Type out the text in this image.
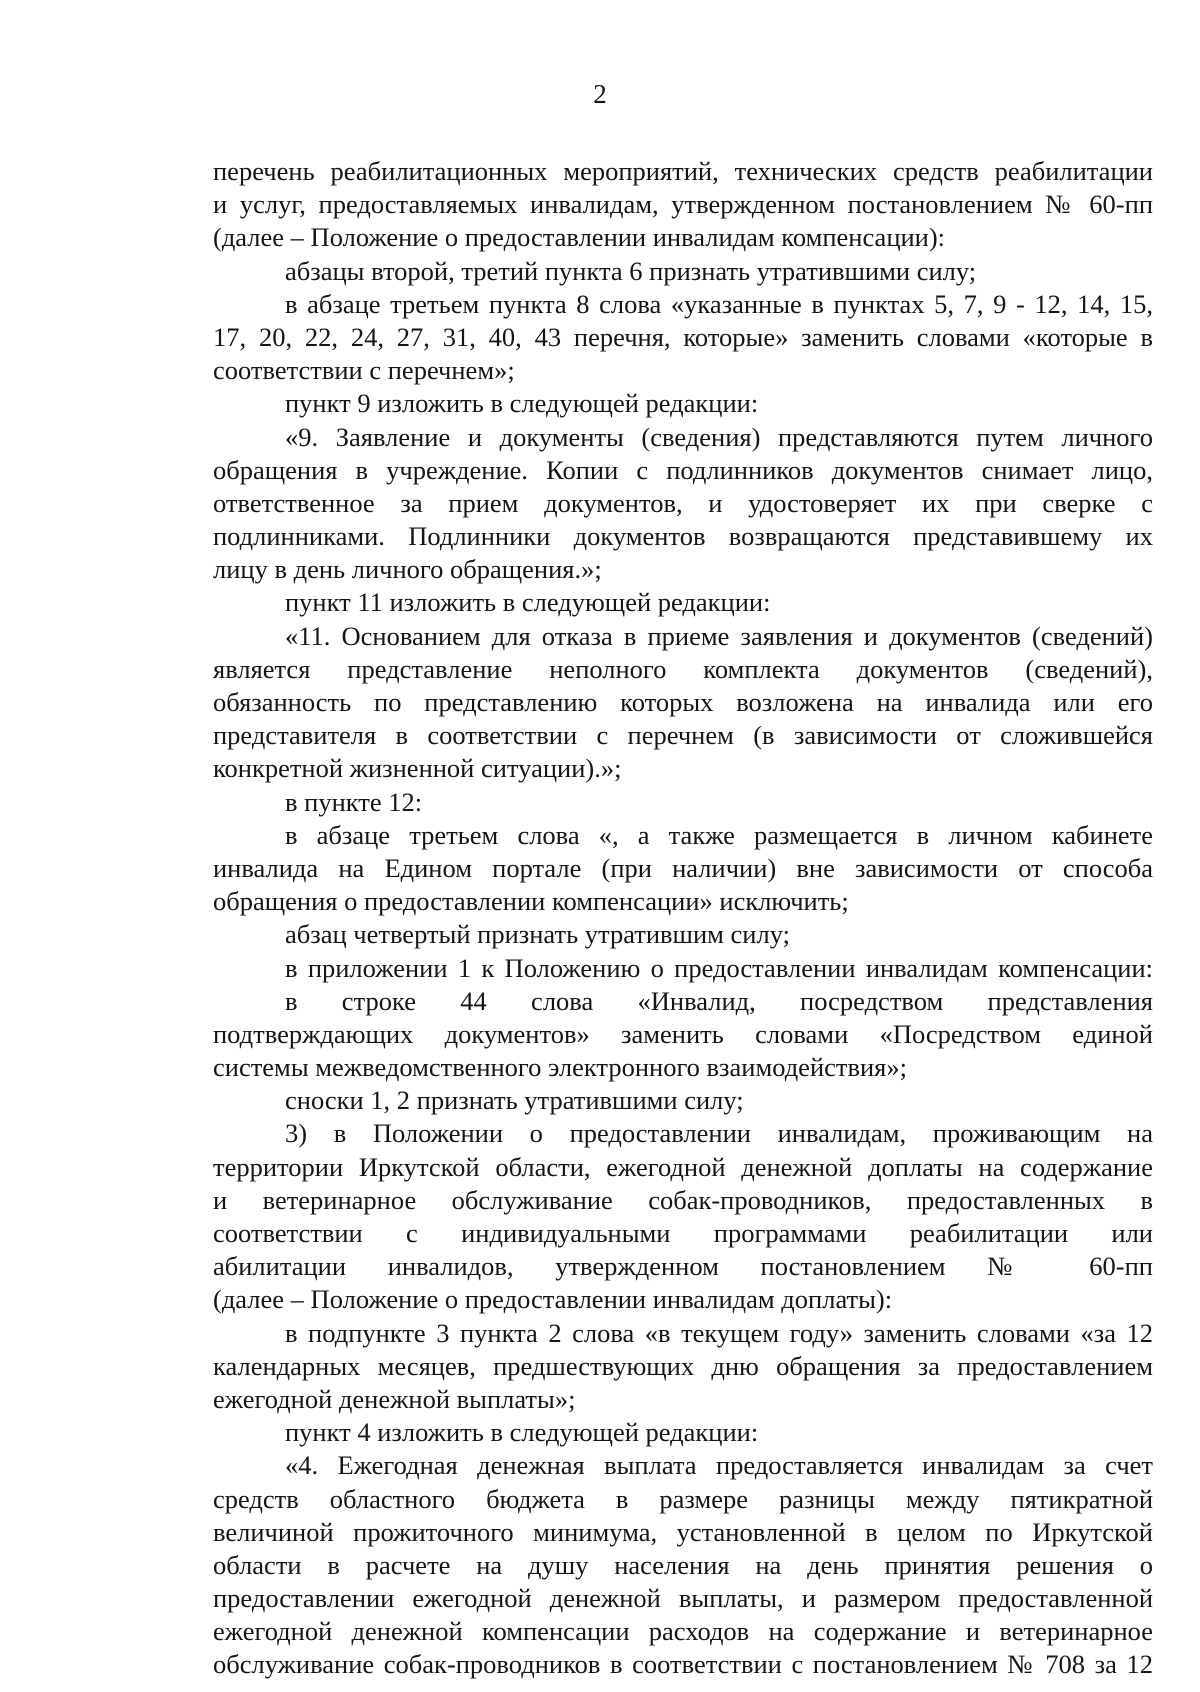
2
перечень реабилитационных мероприятий, технических средств реабилитации
и услуг, предоставляемых инвалидам, утвержденном постановлением № 60-пп
(далее – Положение о предоставлении инвалидам компенсации):
абзацы второй, третий пункта 6 признать утратившими силу;
в абзаце третьем пункта 8 слова «указанные в пунктах 5, 7, 9 - 12, 14, 15,
17, 20, 22, 24, 27, 31, 40, 43 перечня, которые» заменить словами «которые в
соответствии с перечнем»;
пункт 9 изложить в следующей редакции:
«9. Заявление и документы (сведения) представляются путем личного
обращения в учреждение. Копии с подлинников документов снимает лицо,
ответственное за прием документов, и удостоверяет их при сверке с
подлинниками. Подлинники документов возвращаются представившему их
лицу в день личного обращения.»;
пункт 11 изложить в следующей редакции:
«11. Основанием для отказа в приеме заявления и документов (сведений)
является представление неполного комплекта документов (сведений),
обязанность по представлению которых возложена на инвалида или его
представителя в соответствии с перечнем (в зависимости от сложившейся
конкретной жизненной ситуации).»;
в пункте 12:
в абзаце третьем слова «, а также размещается в личном кабинете
инвалида на Едином портале (при наличии) вне зависимости от способа
обращения о предоставлении компенсации» исключить;
абзац четвертый признать утратившим силу;
в приложении 1 к Положению о предоставлении инвалидам компенсации:
в строке 44 слова «Инвалид, посредством представления
подтверждающих документов» заменить словами «Посредством единой
системы межведомственного электронного взаимодействия»;
сноски 1, 2 признать утратившими силу;
3) в Положении о предоставлении инвалидам, проживающим на
территории Иркутской области, ежегодной денежной доплаты на содержание
и ветеринарное обслуживание собак-проводников, предоставленных в
соответствии с индивидуальными программами реабилитации или
абилитации инвалидов, утвержденном постановлением № 60-пп
(далее – Положение о предоставлении инвалидам доплаты):
в подпункте 3 пункта 2 слова «в текущем году» заменить словами «за 12
календарных месяцев, предшествующих дню обращения за предоставлением
ежегодной денежной выплаты»;
пункт 4 изложить в следующей редакции:
«4. Ежегодная денежная выплата предоставляется инвалидам за счет
средств областного бюджета в размере разницы между пятикратной
величиной прожиточного минимума, установленной в целом по Иркутской
области в расчете на душу населения на день принятия решения о
предоставлении ежегодной денежной выплаты, и размером предоставленной
ежегодной денежной компенсации расходов на содержание и ветеринарное
обслуживание собак-проводников в соответствии с постановлением № 708 за 12
